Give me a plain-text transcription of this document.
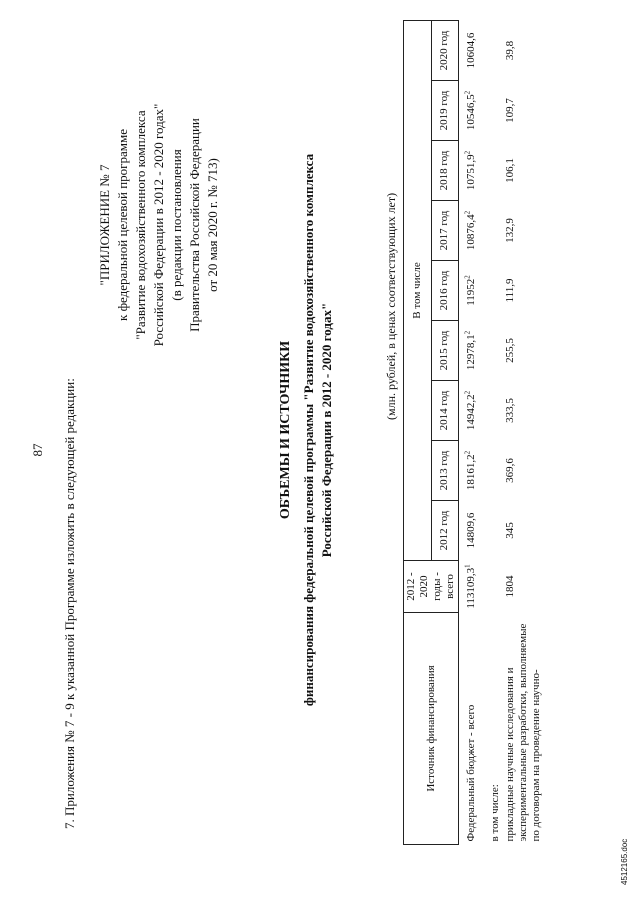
87 7. Приложения № 7 - 9 к указанной Программе изложить в следующей редакции:
"ПРИЛОЖЕНИЕ № 7 к федеральной целевой программе "Развитие водохозяйственного комплекса Российской Федерации в 2012 - 2020 годах" (в редакции постановления Правительства Российской Федерации от 20 мая 2020 г. № 713)
ОБЪЕМЫ И ИСТОЧНИКИ финансирования федеральной целевой программы "Развитие водохозяйственного комплекса Российской Федерации в 2012 - 2020 годах"	(млн. рублей, в ценах соответствующих лет)
Источник финансирования	2012 - 2020 годы - всего	В том числе								
		2012 год	2013 год	2014 год	2015 год	2016 год	2017 год	2018 год	2019 год	2020 год
Федеральный бюджет - всего	113109,3$^1$	14809,6	18161,2$^2$	14942,2$^2$	12978,1$^2$	11952$^2$	10876,4$^2$	10751,9$^2$	10546,5$^2$	10604,6
в том числе:										
прикладные научные исследования и экспериментальные разработки, выполняемые по договорам на проведение научно-	1804	345	369,6	333,5	255,5	111,9	132,9	106,1	109,7	39,8
4512165.doc
